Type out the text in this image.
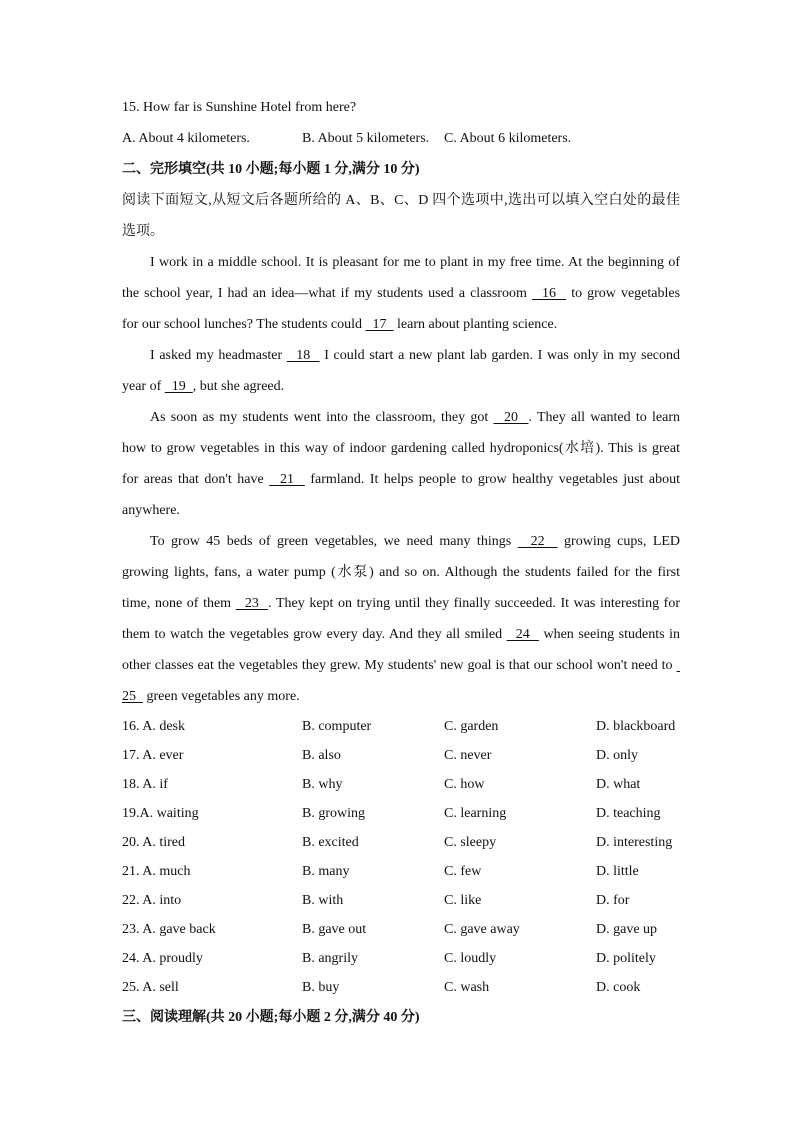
15. How far is Sunshine Hotel from here?
A. About 4 kilometers.	B. About 5 kilometers. C. About 6 kilometers.
二、完形填空(共 10 小题;每小题 1 分,满分 10 分)
阅读下面短文,从短文后各题所给的 A、B、C、D 四个选项中,选出可以填入空白处的最佳
选项。
I work in a middle school. It is pleasant for me to plant in my free time. At the beginning of
the school year, I had an idea—what if my students used a classroom   16   to grow vegetables
for our school lunches? The students could   17   learn about planting science.
I asked my headmaster   18   I could start a new plant lab garden. I was only in my second
year of   19  , but she agreed.
As soon as my students went into the classroom, they got   20  . They all wanted to learn
how to grow vegetables in this way of indoor gardening called hydroponics(水培). This is great
for areas that don't have   21   farmland. It helps people to grow healthy vegetables just about
anywhere.
To grow 45 beds of green vegetables, we need many things   22   growing cups, LED
growing lights, fans, a water pump (水泵) and so on. Although the students failed for the first
time, none of them   23  . They kept on trying until they finally succeeded. It was interesting for
them to watch the vegetables grow every day. And they all smiled   24   when seeing students in
other classes eat the vegetables they grew. My students' new goal is that our school won't need to
25   green vegetables any more.
16. A. desk	B. computer	C. garden	D. blackboard
17. A. ever	B. also	C. never	D. only
18. A. if	B. why	C. how	D. what
19.A. waiting	B. growing	C. learning	D. teaching
20. A. tired	B. excited	C. sleepy	D. interesting
21. A. much	B. many	C. few	D. little
22. A. into	B. with	C. like	D. for
23. A. gave back	B. gave out	C. gave away	D. gave up
24. A. proudly	B. angrily	C. loudly	D. politely
25. A. sell	B. buy	C. wash	D. cook
三、阅读理解(共 20 小题;每小题 2 分,满分 40 分)
